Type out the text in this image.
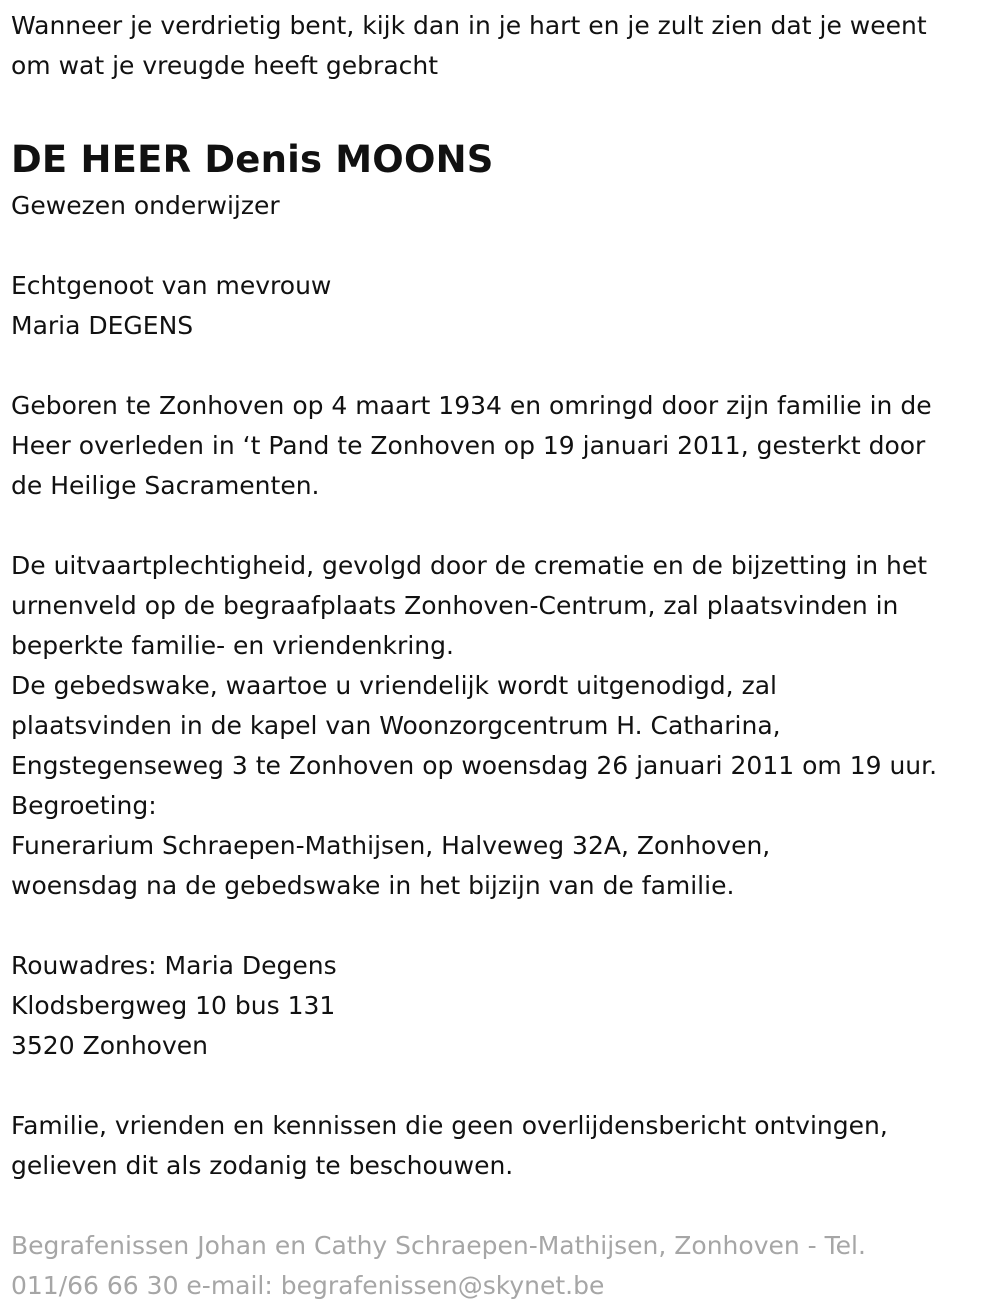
Wanneer je verdrietig bent, kijk dan in je hart en je zult zien dat je weent
om wat je vreugde heeft gebracht
DE HEER Denis MOONS
Gewezen onderwijzer
Echtgenoot van mevrouw
Maria DEGENS
Geboren te Zonhoven op 4 maart 1934 en omringd door zijn familie in de
Heer overleden in ‘t Pand te Zonhoven op 19 januari 2011, gesterkt door
de Heilige Sacramenten.
De uitvaartplechtigheid, gevolgd door de crematie en de bijzetting in het
urnenveld op de begraafplaats Zonhoven-Centrum, zal plaatsvinden in
beperkte familie- en vriendenkring.
De gebedswake, waartoe u vriendelijk wordt uitgenodigd, zal
plaatsvinden in de kapel van Woonzorgcentrum H. Catharina,
Engstegenseweg 3 te Zonhoven op woensdag 26 januari 2011 om 19 uur.
Begroeting:
Funerarium Schraepen-Mathijsen, Halveweg 32A, Zonhoven,
woensdag na de gebedswake in het bijzijn van de familie.
Rouwadres: Maria Degens
Klodsbergweg 10 bus 131
3520 Zonhoven
Familie, vrienden en kennissen die geen overlijdensbericht ontvingen,
gelieven dit als zodanig te beschouwen.
Begrafenissen Johan en Cathy Schraepen-Mathijsen, Zonhoven - Tel.
011/66 66 30 e-mail: begrafenissen@skynet.be
